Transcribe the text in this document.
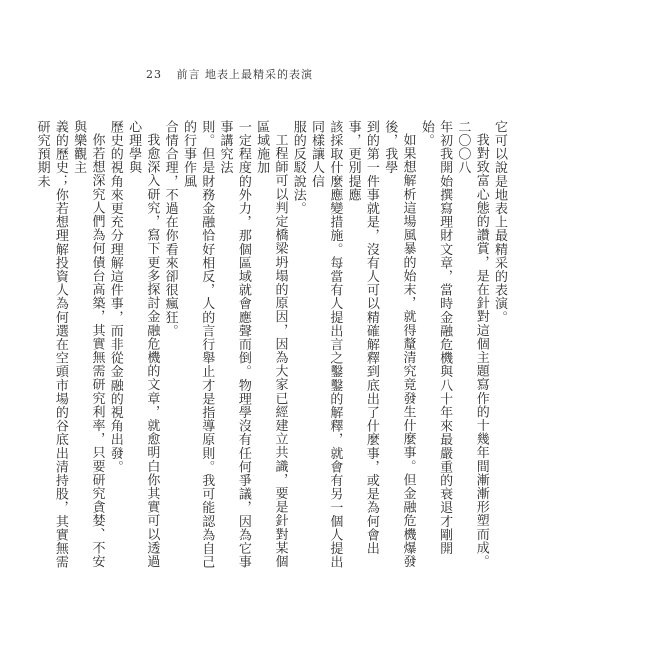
23 前言 地表上最精采的表演

它可以說是地表上最精采的表演。

我對致富心態的讚賞，是在針對這個主題寫作的十幾年間漸漸形塑而成。二〇〇八

年初我開始撰寫理財文章，當時金融危機與八十年來最嚴重的衰退才剛開始。

如果想解析這場風暴的始末，就得釐清究竟發生什麼事。但金融危機爆發後，我學

到的第一件事就是，沒有人可以精確解釋到底出了什麼事，或是為何會出事，更別提應

該採取什麼應變措施。每當有人提出言之鑿鑿的解釋，就會有另一個人提出同樣讓人信

服的反駁說法。

工程師可以判定橋梁坍塌的原因，因為大家已經建立共識，要是針對某個區域施加

一定程度的外力，那個區域就會應聲而倒。物理學沒有任何爭議，因為它事事講究法

則。但是財務金融恰好相反，人的言行舉止才是指導原則。我可能認為自己的行事作風

合情合理，不過在你看來卻很瘋狂。

我愈深入研究，寫下更多探討金融危機的文章，就愈明白你其實可以透過心理學與

歷史的視角來更充分理解這件事，而非從金融的視角出發。

你若想深究人們為何債台高築，其實無需研究利率，只要研究貪婪、不安與樂觀主

義的歷史；你若想理解投資人為何選在空頭市場的谷底出清持股，其實無需研究預期未
